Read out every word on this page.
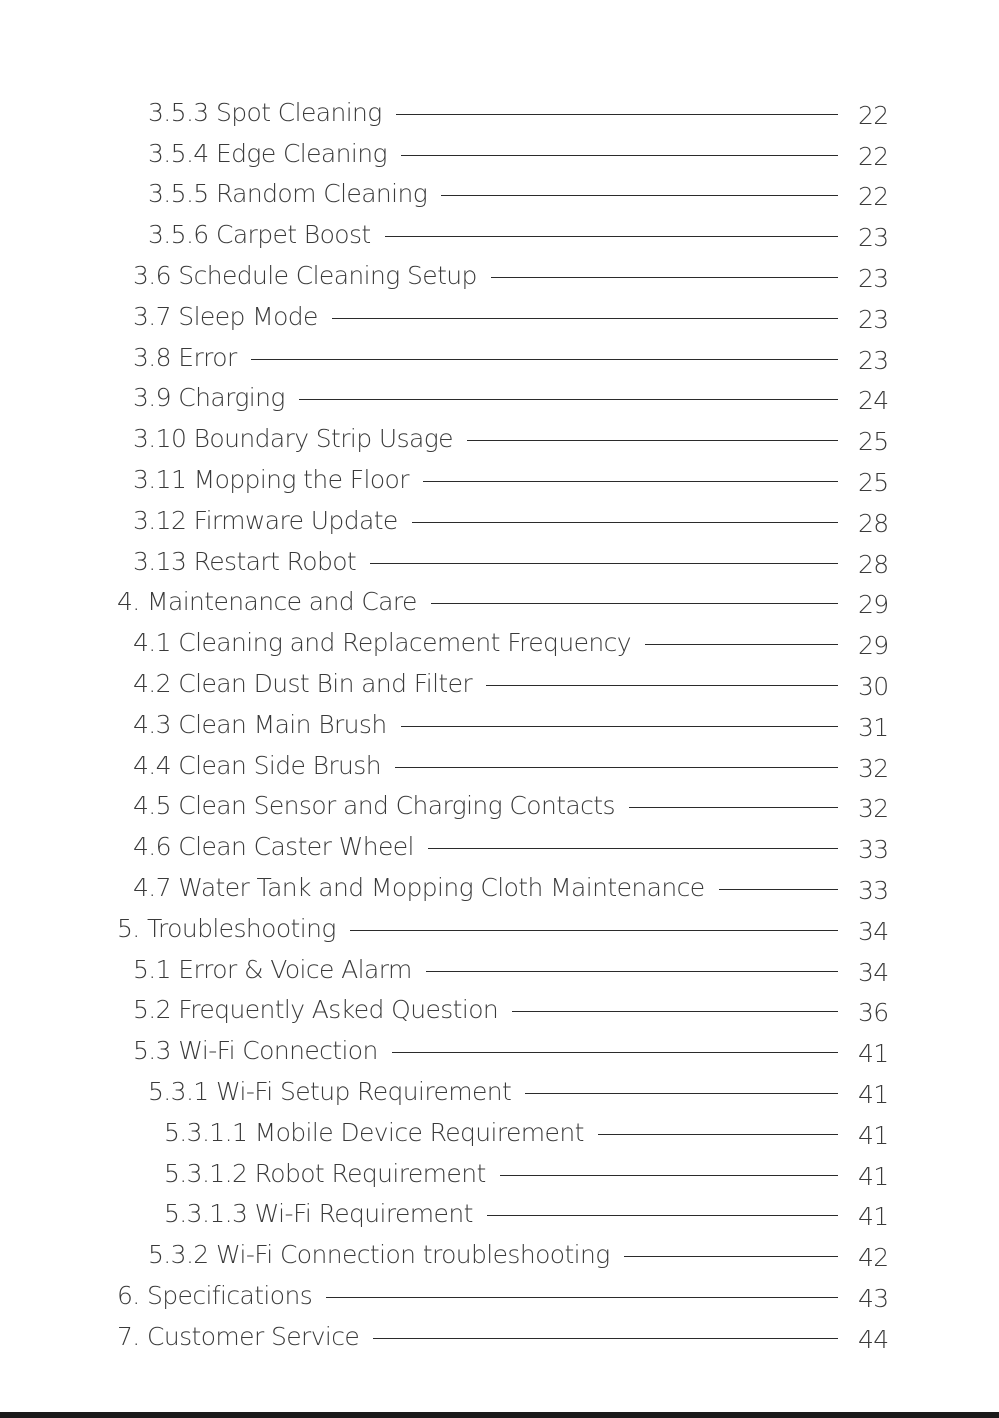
3.5.3 Spot Cleaning	22
3.5.4 Edge Cleaning	22
3.5.5 Random Cleaning	22
3.5.6 Carpet Boost	23
3.6 Schedule Cleaning Setup	23
3.7 Sleep Mode	23
3.8 Error	23
3.9 Charging	24
3.10 Boundary Strip Usage	25
3.11 Mopping the Floor	25
3.12 Firmware Update	28
3.13 Restart Robot	28
4. Maintenance and Care	29
4.1 Cleaning and Replacement Frequency	29
4.2 Clean Dust Bin and Filter	30
4.3 Clean Main Brush	31
4.4 Clean Side Brush	32
4.5 Clean Sensor and Charging Contacts	32
4.6 Clean Caster Wheel	33
4.7 Water Tank and Mopping Cloth Maintenance	33
5. Troubleshooting	34
5.1 Error & Voice Alarm	34
5.2 Frequently Asked Question	36
5.3 Wi-Fi Connection	41
5.3.1 Wi-Fi Setup Requirement	41
5.3.1.1 Mobile Device Requirement	41
5.3.1.2 Robot Requirement	41
5.3.1.3 Wi-Fi Requirement	41
5.3.2 Wi-Fi Connection troubleshooting	42
6. Specifications	43
7. Customer Service	44
